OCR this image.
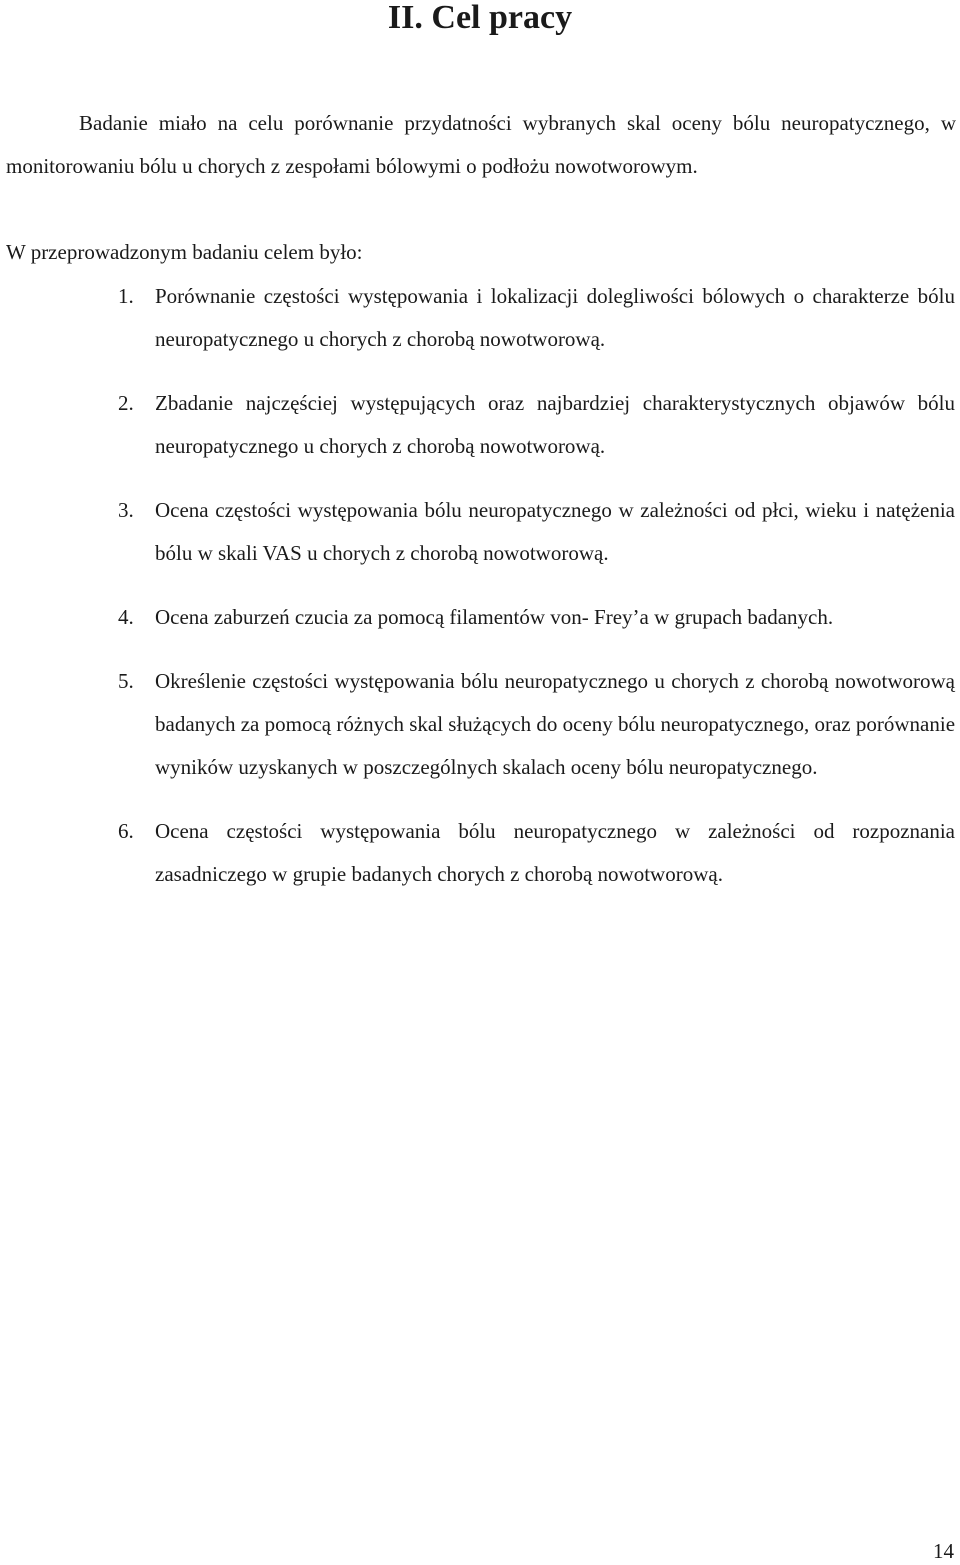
II. Cel pracy

Badanie miało na celu porównanie przydatności wybranych skal oceny bólu neuropatycznego, w monitorowaniu bólu u chorych z zespołami bólowymi o podłożu nowotworowym.

W przeprowadzonym badaniu celem było:

1. Porównanie częstości występowania i lokalizacji dolegliwości bólowych o charakterze bólu neuropatycznego u chorych z chorobą nowotworową.
2. Zbadanie najczęściej występujących oraz najbardziej charakterystycznych objawów bólu neuropatycznego u chorych z chorobą nowotworową.
3. Ocena częstości występowania bólu neuropatycznego w zależności od płci, wieku i natężenia bólu w skali VAS u chorych z chorobą nowotworową.
4. Ocena zaburzeń czucia za pomocą filamentów von- Frey’a w grupach badanych.
5. Określenie częstości występowania bólu neuropatycznego u chorych z chorobą nowotworową badanych za pomocą różnych skal służących do oceny bólu neuropatycznego, oraz porównanie wyników uzyskanych w poszczególnych skalach oceny bólu neuropatycznego.
6. Ocena częstości występowania bólu neuropatycznego w zależności od rozpoznania zasadniczego w grupie badanych chorych z chorobą nowotworową.
14
